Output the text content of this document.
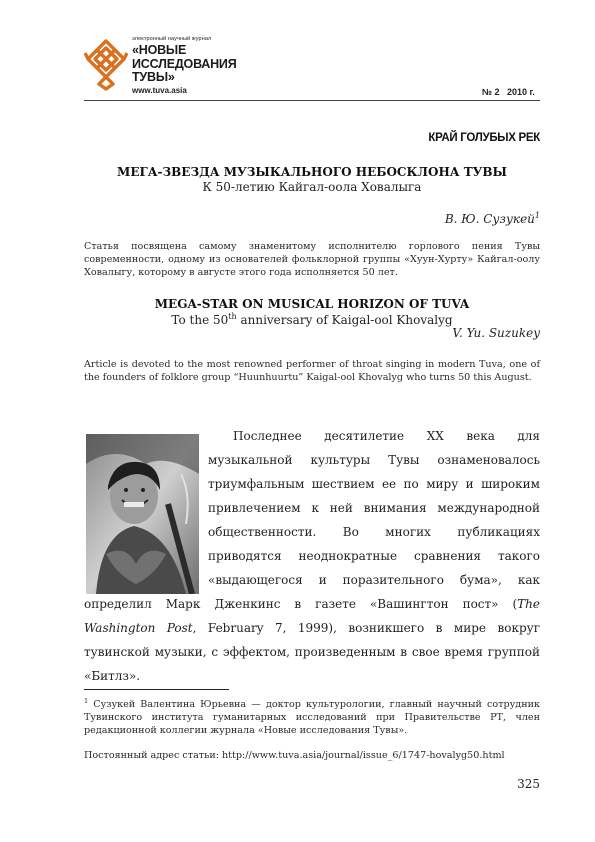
электронный научный журнал
«НОВЫЕ
ИССЛЕДОВАНИЯ
ТУВЫ»
www.tuva.asia	№ 2   2010 г.
КРАЙ ГОЛУБЫХ РЕК
МЕГА-ЗВЕЗДА МУЗЫКАЛЬНОГО НЕБОСКЛОНА ТУВЫ
К 50-летию Кайгал-оола Ховалыга
В. Ю. Сузукей$^1$
Статья посвящена самому знаменитому исполнителю горлового пения Тувы современности, одному из основателей фольклорной группы «Хуун-Хурту» Кайгал-оолу Ховалыгу, которому в августе этого года исполняется 50 лет.
MEGA-STAR ON MUSICAL HORIZON OF TUVA
To the 50th anniversary of Kaigal-ool Khovalyg
V. Yu. Suzukey
Article is devoted to the most renowned performer of throat singing in modern Tuva, one of the founders of folklore group “Huunhuurtu” Kaigal-ool Khovalyg who turns 50 this August.

Последнее десятилетие ХХ века для музыкальной культуры Тувы ознаменовалось триумфальным шествием ее по миру и широким привлечением к ней внимания международной общественности. Во многих публикациях приводятся неоднократные сравнения такого «выдающегося и поразительного бума», как определил Марк Дженкинс в газете «Вашингтон пост» (The Washington Post, February 7, 1999), возникшего в мире вокруг тувинской музыки, с эффектом, произведенным в свое время группой «Битлз».

$^1$ Сузукей Валентина Юрьевна — доктор культурологии, главный научный сотрудник Тувинского института гуманитарных исследований при Правительстве РТ, член редакционной коллегии журнала «Новые исследования Тувы».
Постоянный адрес статьи: http://www.tuva.asia/journal/issue_6/1747-hovalyg50.html
325
